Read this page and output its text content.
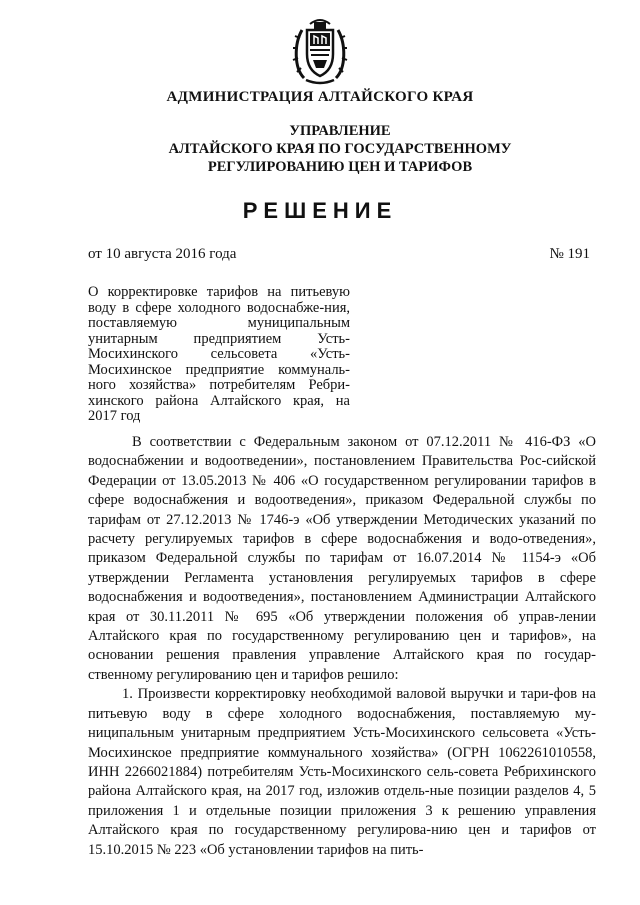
АДМИНИСТРАЦИЯ АЛТАЙСКОГО КРАЯ
УПРАВЛЕНИЕ
АЛТАЙСКОГО КРАЯ ПО ГОСУДАРСТВЕННОМУ
РЕГУЛИРОВАНИЮ ЦЕН И ТАРИФОВ
РЕШЕНИЕ
от 10 августа 2016 года	№ 191
О корректировке тарифов на питьевую воду в сфере холодного водоснабже-ния, поставляемую муниципальным унитарным предприятием Усть-Мосихинского сельсовета «Усть-Мосихинское предприятие коммуналь-ного хозяйства» потребителям Ребри-хинского района Алтайского края, на 2017 год

В соответствии с Федеральным законом от 07.12.2011 № 416-ФЗ «О водоснабжении и водоотведении», постановлением Правительства Рос-сийской Федерации от 13.05.2013 № 406 «О государственном регулировании тарифов в сфере водоснабжения и водоотведения», приказом Федеральной службы по тарифам от 27.12.2013 № 1746-э «Об утверждении Методических указаний по расчету регулируемых тарифов в сфере водоснабжения и водо-отведения», приказом Федеральной службы по тарифам от 16.07.2014 № 1154-э «Об утверждении Регламента установления регулируемых тарифов в сфере водоснабжения и водоотведения», постановлением Администрации Алтайского края от 30.11.2011 № 695 «Об утверждении положения об управ-лении Алтайского края по государственному регулированию цен и тарифов», на основании решения правления управление Алтайского края по государ-ственному регулированию цен и тарифов решило:

1. Произвести корректировку необходимой валовой выручки и тари-фов на питьевую воду в сфере холодного водоснабжения, поставляемую му-ниципальным унитарным предприятием Усть-Мосихинского сельсовета «Усть-Мосихинское предприятие коммунального хозяйства» (ОГРН 1062261010558, ИНН 2266021884) потребителям Усть-Мосихинского сель-совета Ребрихинского района Алтайского края, на 2017 год, изложив отдель-ные позиции разделов 4, 5 приложения 1 и отдельные позиции приложения 3 к решению управления Алтайского края по государственному регулирова-нию цен и тарифов от 15.10.2015 № 223 «Об установлении тарифов на пить-
